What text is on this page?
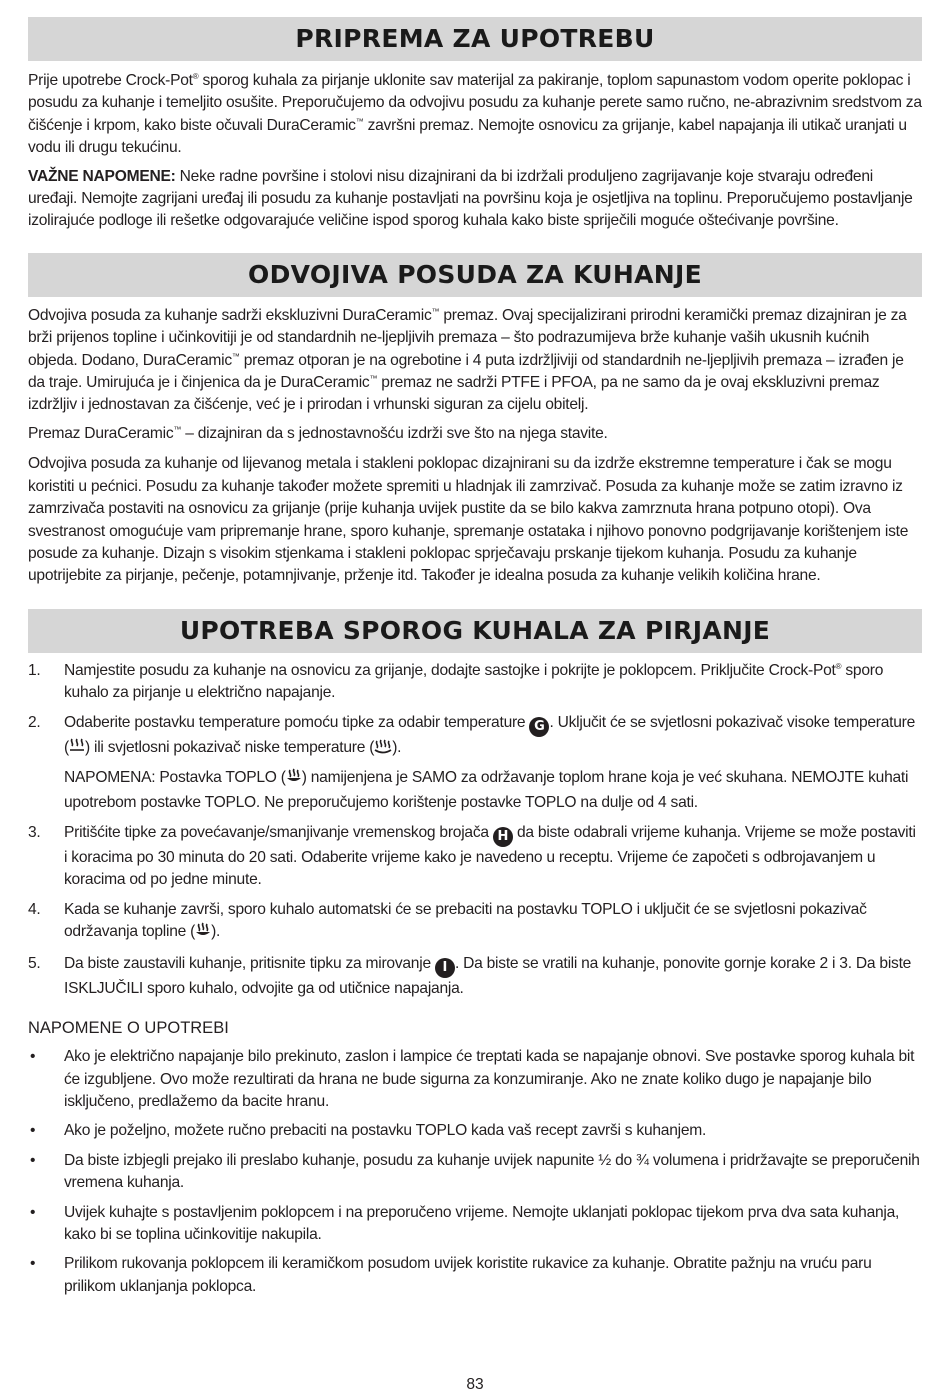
PRIPREMA ZA UPOTREBU

Prije upotrebe Crock-Pot® sporog kuhala za pirjanje uklonite sav materijal za pakiranje, toplom sapunastom vodom operite poklopac i posudu za kuhanje i temeljito osušite. Preporučujemo da odvojivu posudu za kuhanje perete samo ručno, ne-abrazivnim sredstvom za čišćenje i krpom, kako biste očuvali DuraCeramic™ završni premaz. Nemojte osnovicu za grijanje, kabel napajanja ili utikač uranjati u vodu ili drugu tekućinu.

VAŽNE NAPOMENE: Neke radne površine i stolovi nisu dizajnirani da bi izdržali produljeno zagrijavanje koje stvaraju određeni uređaji. Nemojte zagrijani uređaj ili posudu za kuhanje postavljati na površinu koja je osjetljiva na toplinu. Preporučujemo postavljanje izolirajuće podloge ili rešetke odgovarajuće veličine ispod sporog kuhala kako biste spriječili moguće oštećivanje površine.

ODVOJIVA POSUDA ZA KUHANJE

Odvojiva posuda za kuhanje sadrži ekskluzivni DuraCeramic™ premaz. Ovaj specijalizirani prirodni keramički premaz dizajniran je za brži prijenos topline i učinkovitiji je od standardnih ne-ljepljivih premaza – što podrazumijeva brže kuhanje vaših ukusnih kućnih objeda. Dodano, DuraCeramic™ premaz otporan je na ogrebotine i 4 puta izdržljiviji od standardnih ne-ljepljivih premaza – izrađen je da traje. Umirujuća je i činjenica da je DuraCeramic™ premaz ne sadrži PTFE i PFOA, pa ne samo da je ovaj ekskluzivni premaz izdržljiv i jednostavan za čišćenje, već je i prirodan i vrhunski siguran za cijelu obitelj.

Premaz DuraCeramic™ – dizajniran da s jednostavnošću izdrži sve što na njega stavite.

Odvojiva posuda za kuhanje od lijevanog metala i stakleni poklopac dizajnirani su da izdrže ekstremne temperature i čak se mogu koristiti u pećnici. Posudu za kuhanje također možete spremiti u hladnjak ili zamrzivač. Posuda za kuhanje može se zatim izravno iz zamrzivača postaviti na osnovicu za grijanje (prije kuhanja uvijek pustite da se bilo kakva zamrznuta hrana potpuno otopi). Ova svestranost omogućuje vam pripremanje hrane, sporo kuhanje, spremanje ostataka i njihovo ponovno podgrijavanje korištenjem iste posude za kuhanje. Dizajn s visokim stjenkama i stakleni poklopac sprječavaju prskanje tijekom kuhanja. Posudu za kuhanje upotrijebite za pirjanje, pečenje, potamnjivanje, prženje itd. Također je idealna posuda za kuhanje velikih količina hrane.

UPOTREBA SPOROG KUHALA ZA PIRJANJE
1. Namjestite posudu za kuhanje na osnovicu za grijanje, dodajte sastojke i pokrijte je poklopcem. Priključite Crock-Pot® sporo kuhalo za pirjanje u električno napajanje.
2. Odaberite postavku temperature pomoću tipke za odabir temperature G . Uključit će se svjetlosni pokazivač visoke temperature ( ) ili svjetlosni pokazivač niske temperature ( ).

NAPOMENA: Postavka TOPLO ( ) namijenjena je SAMO za održavanje toplom hrane koja je već skuhana. NEMOJTE kuhati upotrebom postavke TOPLO. Ne preporučujemo korištenje postavke TOPLO na dulje od 4 sati.

3. Pritišćite tipke za povećavanje/smanjivanje vremenskog brojača H da biste odabrali vrijeme kuhanja. Vrijeme se može postaviti i koracima po 30 minuta do 20 sati. Odaberite vrijeme kako je navedeno u receptu. Vrijeme će započeti s odbrojavanjem u koracima od po jedne minute.
4. Kada se kuhanje završi, sporo kuhalo automatski će se prebaciti na postavku TOPLO i uključit će se svjetlosni pokazivač održavanja topline ( ).
5. Da biste zaustavili kuhanje, pritisnite tipku za mirovanje I . Da biste se vratili na kuhanje, ponovite gornje korake 2 i 3. Da biste ISKLJUČILI sporo kuhalo, odvojite ga od utičnice napajanja.
NAPOMENE O UPOTREBI
• Ako je električno napajanje bilo prekinuto, zaslon i lampice će treptati kada se napajanje obnovi. Sve postavke sporog kuhala bit će izgubljene. Ovo može rezultirati da hrana ne bude sigurna za konzumiranje. Ako ne znate koliko dugo je napajanje bilo isključeno, predlažemo da bacite hranu.
• Ako je poželjno, možete ručno prebaciti na postavku TOPLO kada vaš recept završi s kuhanjem.
• Da biste izbjegli prejako ili preslabo kuhanje, posudu za kuhanje uvijek napunite ½ do ¾ volumena i pridržavajte se preporučenih vremena kuhanja.
• Uvijek kuhajte s postavljenim poklopcem i na preporučeno vrijeme. Nemojte uklanjati poklopac tijekom prva dva sata kuhanja, kako bi se toplina učinkovitije nakupila.
• Prilikom rukovanja poklopcem ili keramičkom posudom uvijek koristite rukavice za kuhanje. Obratite pažnju na vruću paru prilikom uklanjanja poklopca.
83
